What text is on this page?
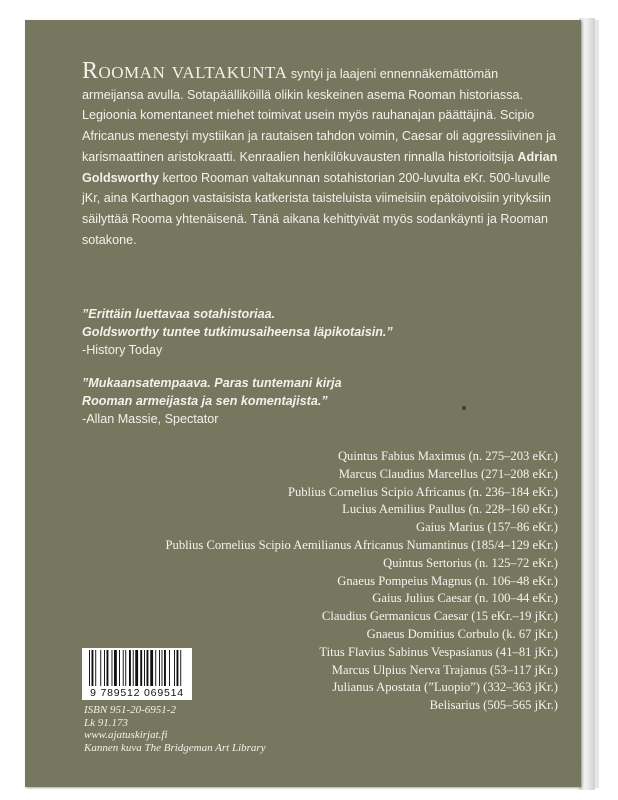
Rooman valtakunta syntyi ja laajeni ennennäkemättömän armeijansa avulla. Sotapäälliköillä olikin keskeinen asema Rooman historiassa. Legioonia komentaneet miehet toimivat usein myös rauhanajan päättäjinä. Scipio Africanus menestyi mystiikan ja rautaisen tahdon voimin, Caesar oli aggressiivinen ja karismaattinen aristokraatti. Kenraalien henkilökuvausten rinnalla historioitsija Adrian Goldsworthy kertoo Rooman valtakunnan sotahistorian 200-luvulta eKr. 500-luvulle jKr, aina Karthagon vastaisista katkerista taisteluista viimeisiin epätoivoisiin yrityksiin säilyttää Rooma yhtenäisenä. Tänä aikana kehittyivät myös sodankäynti ja Rooman sotakone.
”Erittäin luettavaa sotahistoriaa.
Goldsworthy tuntee tutkimusaiheensa läpikotaisin.”
-History Today
”Mukaansatempaava. Paras tuntemani kirja
Rooman armeijasta ja sen komentajista.”
-Allan Massie, Spectator
Quintus Fabius Maximus (n. 275–203 eKr.)
Marcus Claudius Marcellus (271–208 eKr.)
Publius Cornelius Scipio Africanus (n. 236–184 eKr.)
Lucius Aemilius Paullus (n. 228–160 eKr.)
Gaius Marius (157–86 eKr.)
Publius Cornelius Scipio Aemilianus Africanus Numantinus (185/4–129 eKr.)
Quintus Sertorius (n. 125–72 eKr.)
Gnaeus Pompeius Magnus (n. 106–48 eKr.)
Gaius Julius Caesar (n. 100–44 eKr.)
Claudius Germanicus Caesar (15 eKr.–19 jKr.)
Gnaeus Domitius Corbulo (k. 67 jKr.)
Titus Flavius Sabinus Vespasianus (41–81 jKr.)
Marcus Ulpius Nerva Trajanus (53–117 jKr.)
Julianus Apostata (”Luopio”) (332–363 jKr.)
Belisarius (505–565 jKr.)
9 789512 069514
ISBN 951-20-6951-2
Lk 91.173
www.ajatuskirjat.fi
Kannen kuva The Bridgeman Art Library
